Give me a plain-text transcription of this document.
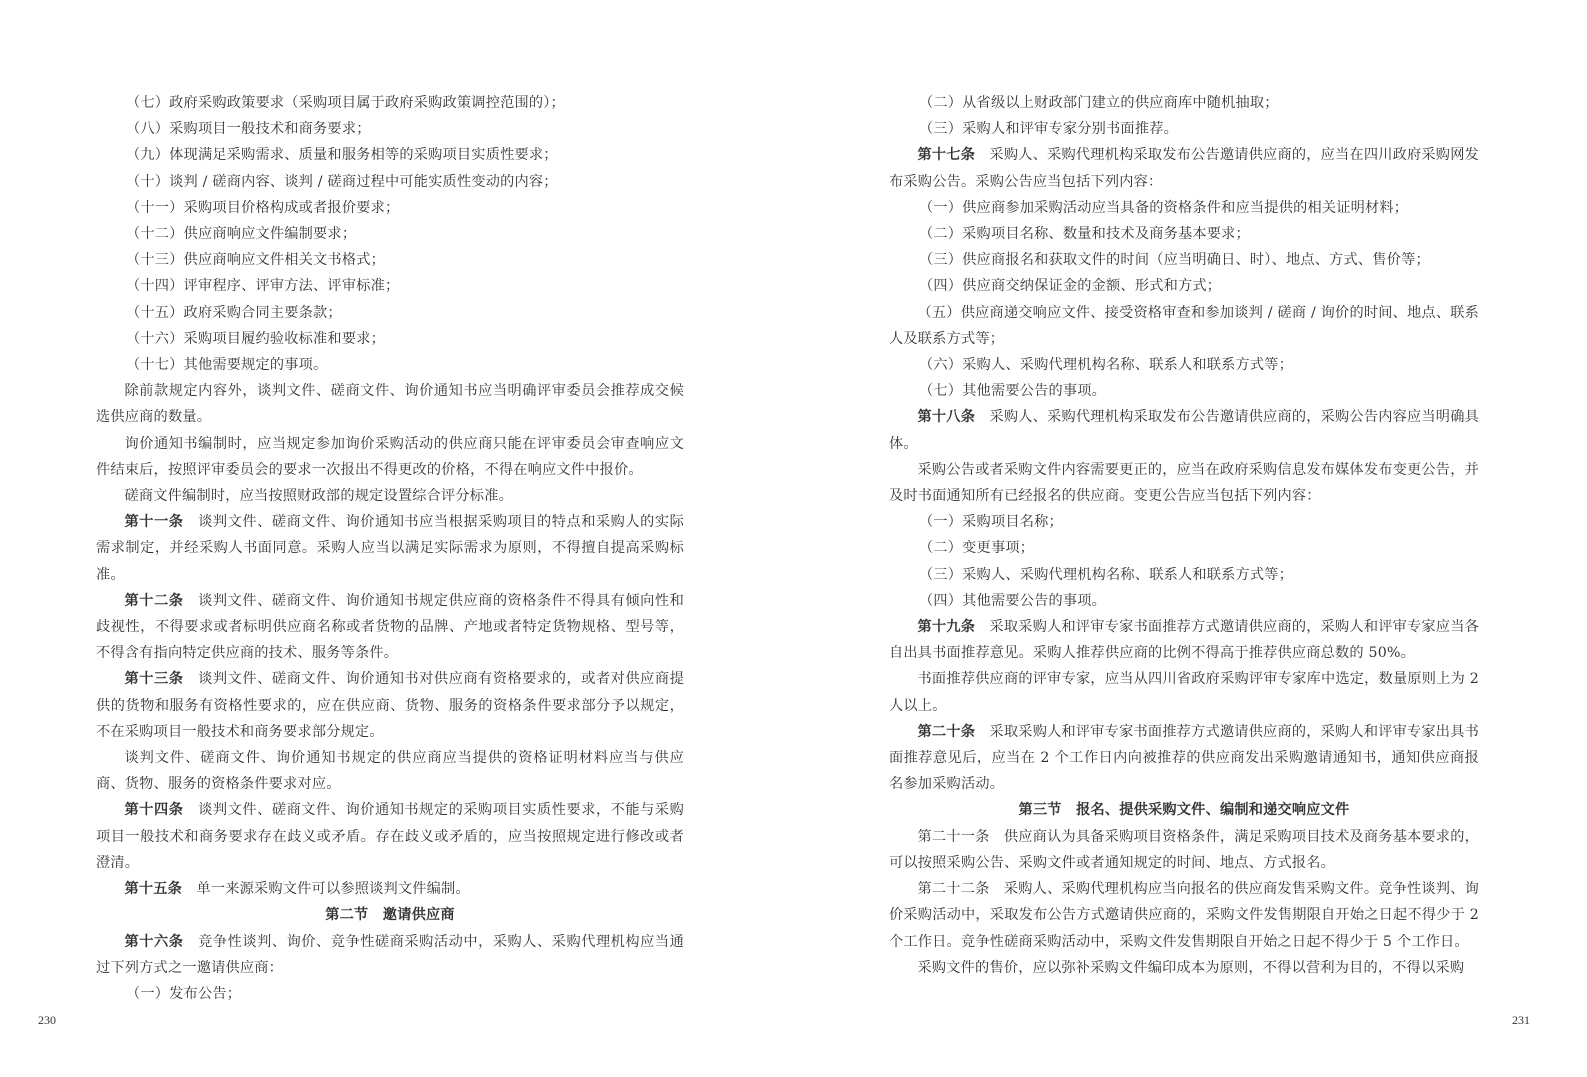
（七）政府采购政策要求（采购项目属于政府采购政策调控范围的）；

（八）采购项目一般技术和商务要求；

（九）体现满足采购需求、质量和服务相等的采购项目实质性要求；

（十）谈判 / 磋商内容、谈判 / 磋商过程中可能实质性变动的内容；

（十一）采购项目价格构成或者报价要求；

（十二）供应商响应文件编制要求；

（十三）供应商响应文件相关文书格式；

（十四）评审程序、评审方法、评审标准；

（十五）政府采购合同主要条款；

（十六）采购项目履约验收标准和要求；

（十七）其他需要规定的事项。

除前款规定内容外，谈判文件、磋商文件、询价通知书应当明确评审委员会推荐成交候选供应商的数量。

询价通知书编制时，应当规定参加询价采购活动的供应商只能在评审委员会审查响应文件结束后，按照评审委员会的要求一次报出不得更改的价格，不得在响应文件中报价。

磋商文件编制时，应当按照财政部的规定设置综合评分标准。

第十一条　 谈判文件、磋商文件、询价通知书应当根据采购项目的特点和采购人的实际需求制定，并经采购人书面同意。采购人应当以满足实际需求为原则，不得擅自提高采购标准。

第十二条　 谈判文件、磋商文件、询价通知书规定供应商的资格条件不得具有倾向性和歧视性，不得要求或者标明供应商名称或者货物的品牌、产地或者特定货物规格、型号等，不得含有指向特定供应商的技术、服务等条件。

第十三条　 谈判文件、磋商文件、询价通知书对供应商有资格要求的，或者对供应商提供的货物和服务有资格性要求的，应在供应商、货物、服务的资格条件要求部分予以规定，不在采购项目一般技术和商务要求部分规定。

谈判文件、磋商文件、询价通知书规定的供应商应当提供的资格证明材料应当与供应商、货物、服务的资格条件要求对应。

第十四条　 谈判文件、磋商文件、询价通知书规定的采购项目实质性要求，不能与采购项目一般技术和商务要求存在歧义或矛盾。存在歧义或矛盾的，应当按照规定进行修改或者澄清。

第十五条　 单一来源采购文件可以参照谈判文件编制。

第二节　邀请供应商

第十六条　 竞争性谈判、询价、竞争性磋商采购活动中，采购人、采购代理机构应当通过下列方式之一邀请供应商：

（一）发布公告；

230

（二）从省级以上财政部门建立的供应商库中随机抽取；

（三）采购人和评审专家分别书面推荐。

第十七条　 采购人、采购代理机构采取发布公告邀请供应商的，应当在四川政府采购网发布采购公告。采购公告应当包括下列内容：

（一）供应商参加采购活动应当具备的资格条件和应当提供的相关证明材料；

（二）采购项目名称、数量和技术及商务基本要求；

（三）供应商报名和获取文件的时间（应当明确日、时）、地点、方式、售价等；

（四）供应商交纳保证金的金额、形式和方式；

（五）供应商递交响应文件、接受资格审查和参加谈判 / 磋商 / 询价的时间、地点、联系人及联系方式等；

（六）采购人、采购代理机构名称、联系人和联系方式等；

（七）其他需要公告的事项。

第十八条　 采购人、采购代理机构采取发布公告邀请供应商的，采购公告内容应当明确具体。

采购公告或者采购文件内容需要更正的，应当在政府采购信息发布媒体发布变更公告，并及时书面通知所有已经报名的供应商。变更公告应当包括下列内容：

（一）采购项目名称；

（二）变更事项；

（三）采购人、采购代理机构名称、联系人和联系方式等；

（四）其他需要公告的事项。

第十九条　 采取采购人和评审专家书面推荐方式邀请供应商的，采购人和评审专家应当各自出具书面推荐意见。采购人推荐供应商的比例不得高于推荐供应商总数的 50%。

书面推荐供应商的评审专家，应当从四川省政府采购评审专家库中选定，数量原则上为 2 人以上。

第二十条　 采取采购人和评审专家书面推荐方式邀请供应商的，采购人和评审专家出具书面推荐意见后，应当在 2 个工作日内向被推荐的供应商发出采购邀请通知书，通知供应商报名参加采购活动。

第三节　报名、提供采购文件、编制和递交响应文件

第二十一条　供应商认为具备采购项目资格条件，满足采购项目技术及商务基本要求的，可以按照采购公告、采购文件或者通知规定的时间、地点、方式报名。

第二十二条　采购人、采购代理机构应当向报名的供应商发售采购文件。竞争性谈判、询价采购活动中，采取发布公告方式邀请供应商的，采购文件发售期限自开始之日起不得少于 2 个工作日。竞争性磋商采购活动中，采购文件发售期限自开始之日起不得少于 5 个工作日。

采购文件的售价，应以弥补采购文件编印成本为原则，不得以营利为目的，不得以采购

231
